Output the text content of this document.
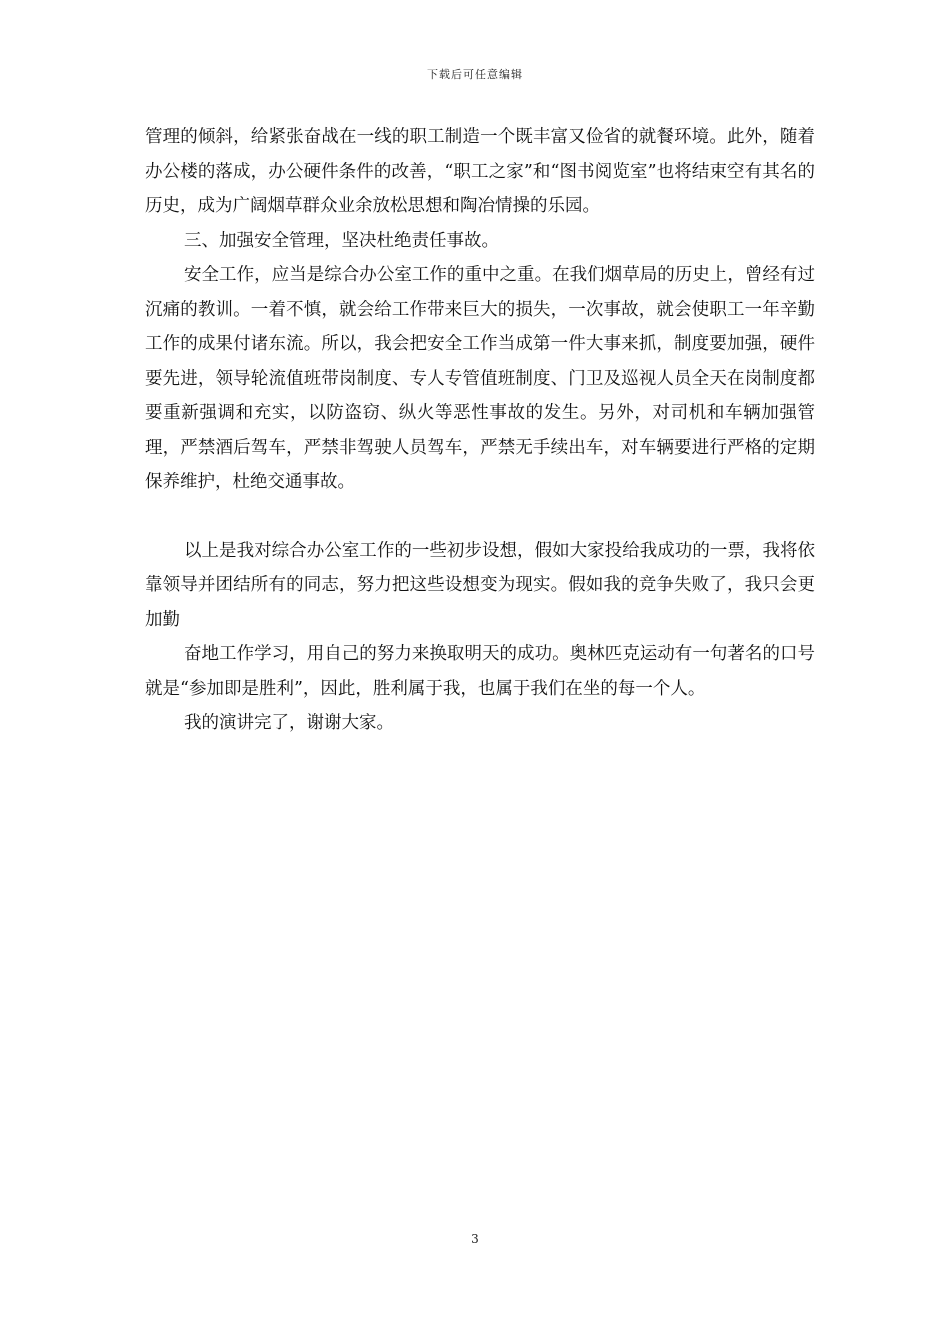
下载后可任意编辑

管理的倾斜，给紧张奋战在一线的职工制造一个既丰富又俭省的就餐环境。此外，随着办公楼的落成，办公硬件条件的改善，“职工之家”和“图书阅览室”也将结束空有其名的历史，成为广阔烟草群众业余放松思想和陶冶情操的乐园。

三、加强安全管理，坚决杜绝责任事故。

安全工作，应当是综合办公室工作的重中之重。在我们烟草局的历史上，曾经有过沉痛的教训。一着不慎，就会给工作带来巨大的损失，一次事故，就会使职工一年辛勤工作的成果付诸东流。所以，我会把安全工作当成第一件大事来抓，制度要加强，硬件要先进，领导轮流值班带岗制度、专人专管值班制度、门卫及巡视人员全天在岗制度都要重新强调和充实，以防盗窃、纵火等恶性事故的发生。另外，对司机和车辆加强管理，严禁酒后驾车，严禁非驾驶人员驾车，严禁无手续出车，对车辆要进行严格的定期保养维护，杜绝交通事故。

以上是我对综合办公室工作的一些初步设想，假如大家投给我成功的一票，我将依靠领导并团结所有的同志，努力把这些设想变为现实。假如我的竞争失败了，我只会更加勤

奋地工作学习，用自己的努力来换取明天的成功。奥林匹克运动有一句著名的口号就是“参加即是胜利”，因此，胜利属于我，也属于我们在坐的每一个人。

我的演讲完了，谢谢大家。

3
